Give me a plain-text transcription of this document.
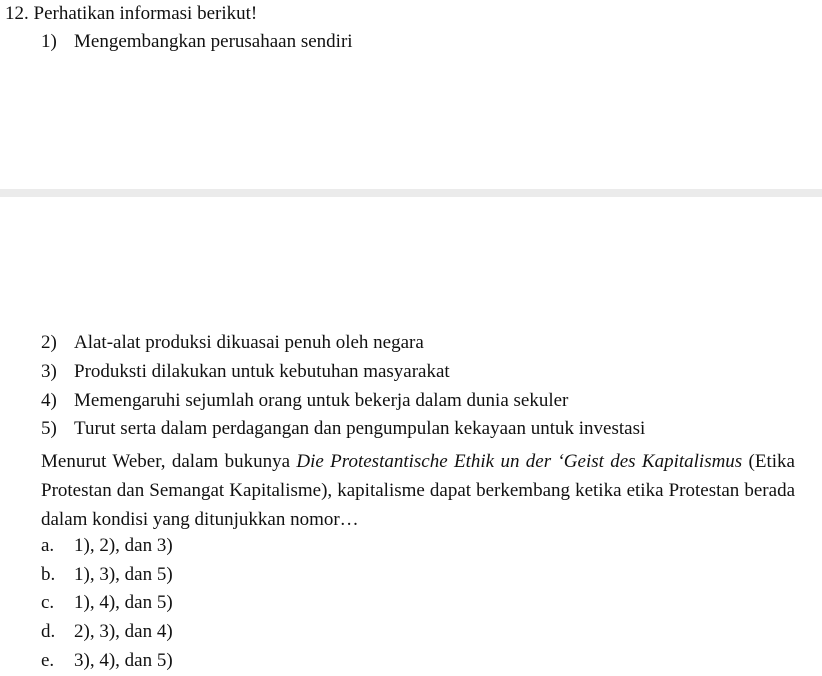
12. Perhatikan informasi berikut!
1) Mengembangkan perusahaan sendiri
2) Alat-alat produksi dikuasai penuh oleh negara
3) Produksti dilakukan untuk kebutuhan masyarakat
4) Memengaruhi sejumlah orang untuk bekerja dalam dunia sekuler
5) Turut serta dalam perdagangan dan pengumpulan kekayaan untuk investasi
Menurut Weber, dalam bukunya Die Protestantische Ethik un der ‘Geist des Kapitalismus (Etika Protestan dan Semangat Kapitalisme), kapitalisme dapat berkembang ketika etika Protestan berada dalam kondisi yang ditunjukkan nomor…
a. 1), 2), dan 3)
b. 1), 3), dan 5)
c. 1), 4), dan 5)
d. 2), 3), dan 4)
e. 3), 4), dan 5)
